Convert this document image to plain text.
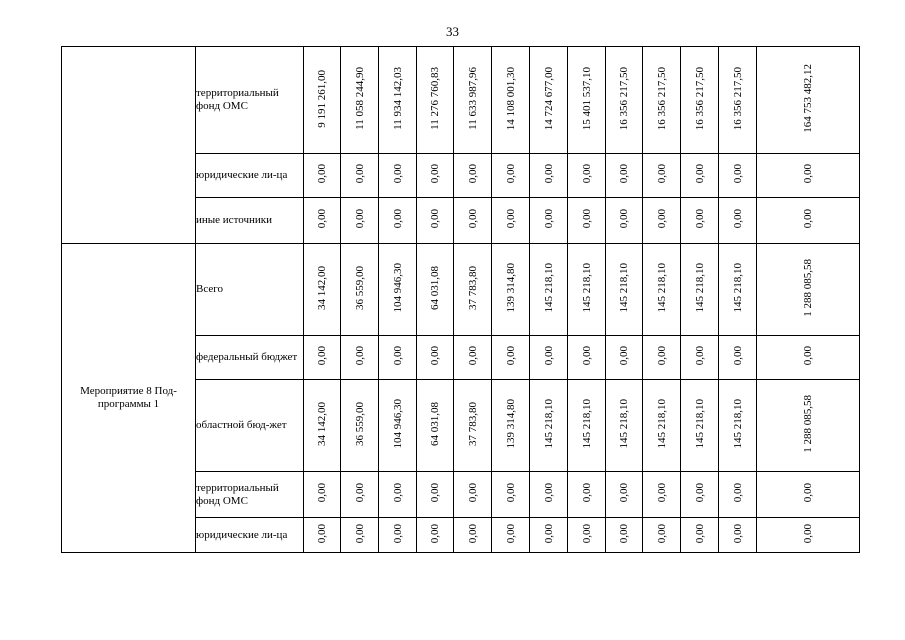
33
	территориальный фонд ОМС	9 191 261,00	11 058 244,90	11 934 142,03	11 276 760,83	11 633 987,96	14 108 001,30	14 724 677,00	15 401 537,10	16 356 217,50	16 356 217,50	16 356 217,50	16 356 217,50	164 753 482,12
	юридические ли-ца	0,00	0,00	0,00	0,00	0,00	0,00	0,00	0,00	0,00	0,00	0,00	0,00	0,00
	иные источники	0,00	0,00	0,00	0,00	0,00	0,00	0,00	0,00	0,00	0,00	0,00	0,00	0,00
Мероприятие 8 Под-программы 1	Всего	34 142,00	36 559,00	104 946,30	64 031,08	37 783,80	139 314,80	145 218,10	145 218,10	145 218,10	145 218,10	145 218,10	145 218,10	1 288 085,58
	федеральный бюджет	0,00	0,00	0,00	0,00	0,00	0,00	0,00	0,00	0,00	0,00	0,00	0,00	0,00
	областной бюд-жет	34 142,00	36 559,00	104 946,30	64 031,08	37 783,80	139 314,80	145 218,10	145 218,10	145 218,10	145 218,10	145 218,10	145 218,10	1 288 085,58
	территориальный фонд ОМС	0,00	0,00	0,00	0,00	0,00	0,00	0,00	0,00	0,00	0,00	0,00	0,00	0,00
	юридические ли-ца	0,00	0,00	0,00	0,00	0,00	0,00	0,00	0,00	0,00	0,00	0,00	0,00	0,00
